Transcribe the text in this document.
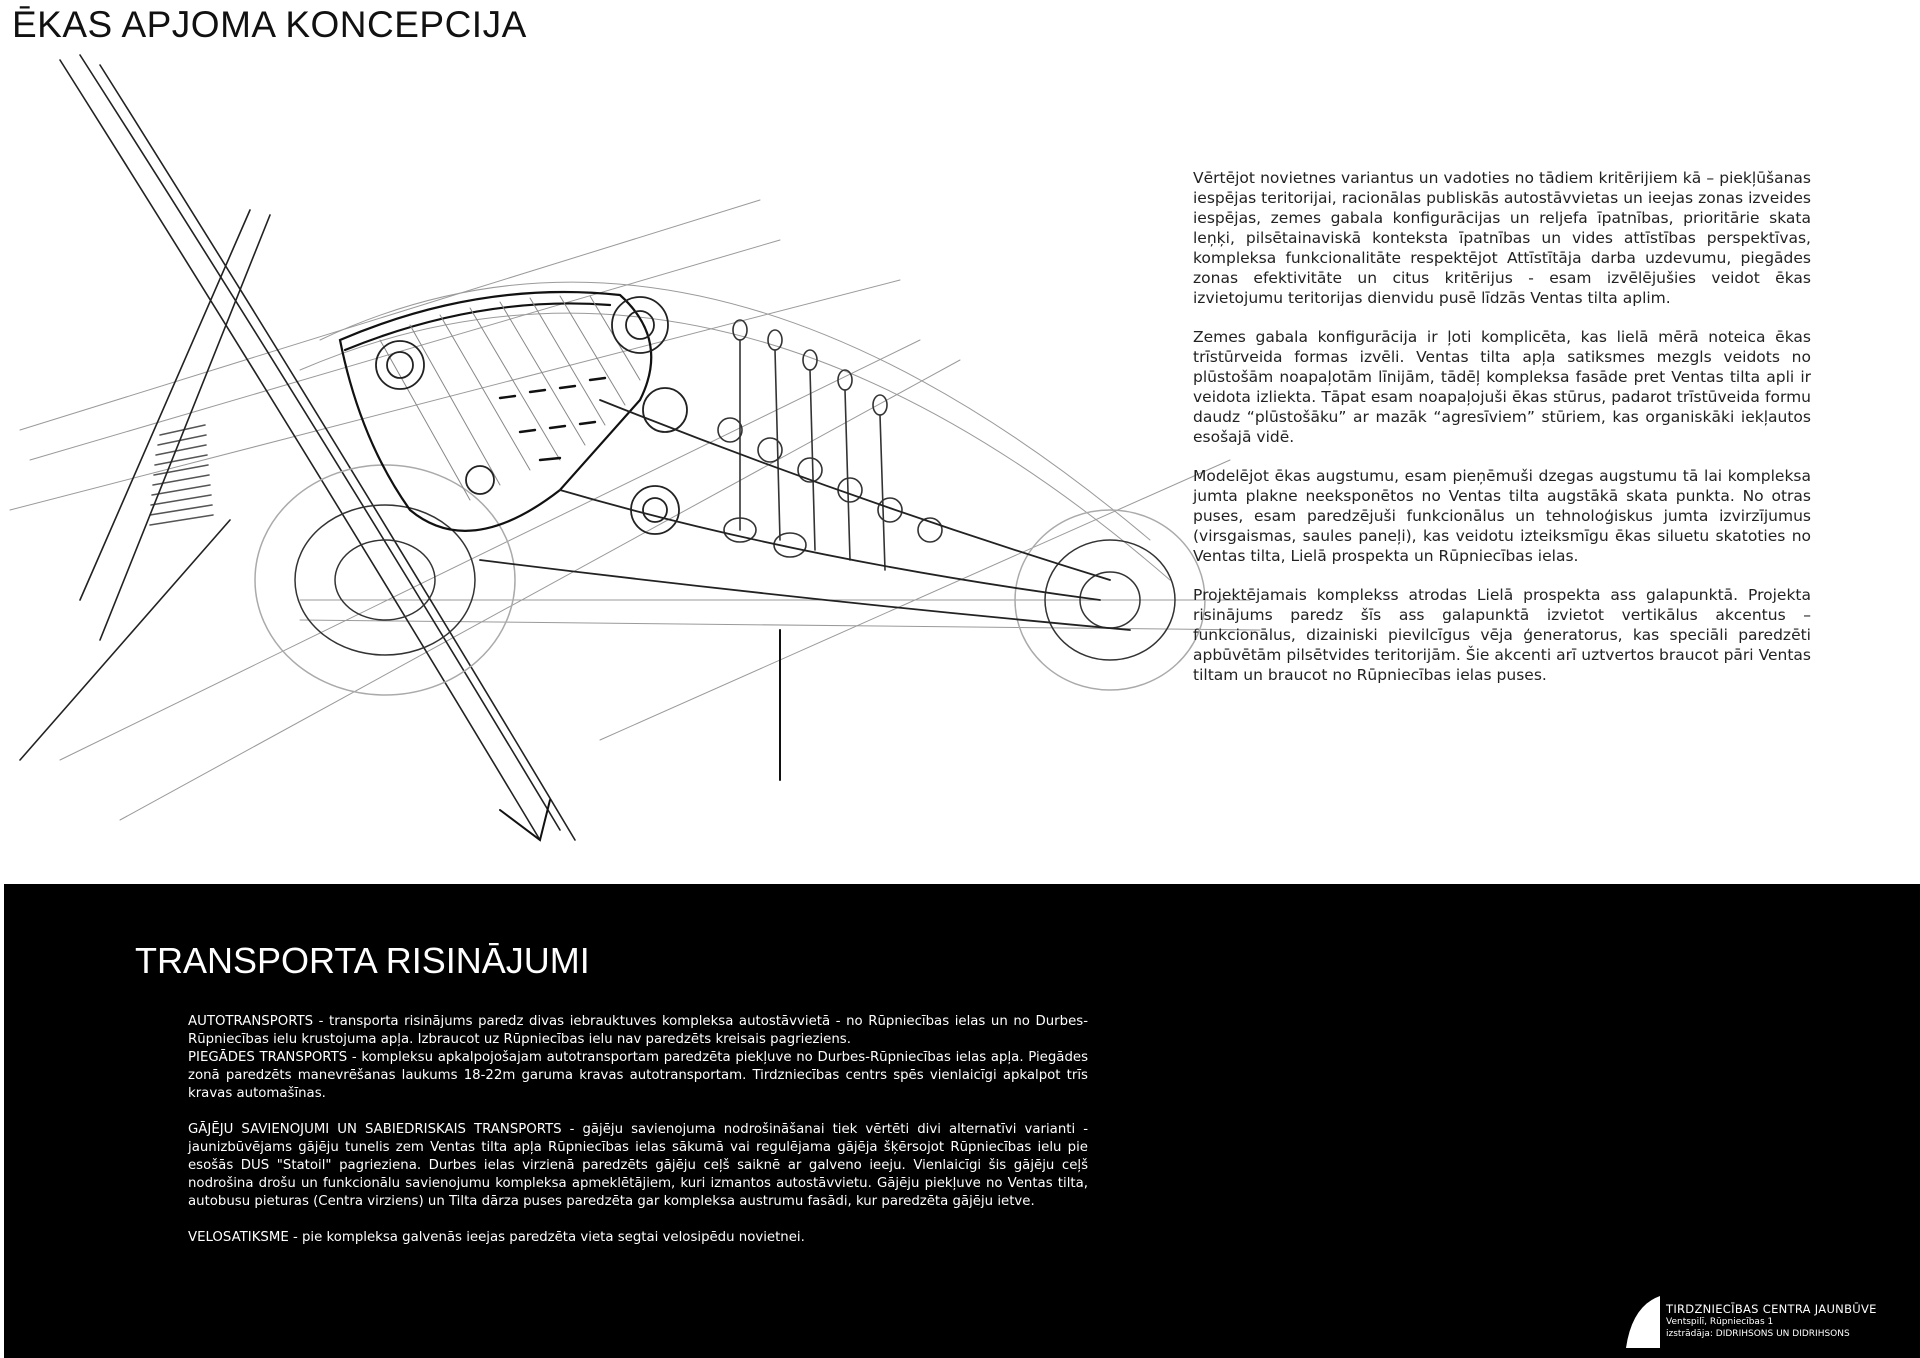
ĒKAS APJOMA KONCEPCIJA

Vērtējot novietnes variantus un vadoties no tādiem kritērijiem kā – piekļūšanas iespējas teritorijai, racionālas publiskās autostāvvietas un ieejas zonas izveides iespējas, zemes gabala konfigurācijas un reljefa īpatnības, prioritārie skata leņķi, pilsētainaviskā konteksta īpatnības un vides attīstības perspektīvas, kompleksa funkcionalitāte respektējot Attīstītāja darba uzdevumu, piegādes zonas efektivitāte un citus kritērijus - esam izvēlējušies veidot ēkas izvietojumu teritorijas dienvidu pusē līdzās Ventas tilta aplim.

Zemes gabala konfigurācija ir ļoti komplicēta, kas lielā mērā noteica ēkas trīstūrveida formas izvēli. Ventas tilta apļa satiksmes mezgls veidots no plūstošām noapaļotām līnijām, tādēļ kompleksa fasāde pret Ventas tilta apli ir veidota izliekta. Tāpat esam noapaļojuši ēkas stūrus, padarot trīstūveida formu daudz “plūstošāku” ar mazāk “agresīviem” stūriem, kas organiskāki iekļautos esošajā vidē.

Modelējot ēkas augstumu, esam pieņēmuši dzegas augstumu tā lai kompleksa jumta plakne neeksponētos no Ventas tilta augstākā skata punkta. No otras puses, esam paredzējuši funkcionālus un tehnoloģiskus jumta izvirzījumus (virsgaismas, saules paneļi), kas veidotu izteiksmīgu ēkas siluetu skatoties no Ventas tilta, Lielā prospekta un Rūpniecības ielas.

Projektējamais komplekss atrodas Lielā prospekta ass galapunktā. Projekta risinājums paredz šīs ass galapunktā izvietot vertikālus akcentus – funkcionālus, dizainiski pievilcīgus vēja ģeneratorus, kas speciāli paredzēti apbūvētām pilsētvides teritorijām. Šie akcenti arī uztvertos braucot pāri Ventas tiltam un braucot no Rūpniecības ielas puses.

TRANSPORTA RISINĀJUMI

AUTOTRANSPORTS - transporta risinājums paredz divas iebrauktuves kompleksa autostāvvietā - no Rūpniecības ielas un no Durbes-Rūpniecības ielu krustojuma apļa. Izbraucot uz Rūpniecības ielu nav paredzēts kreisais pagrieziens.

PIEGĀDES TRANSPORTS - kompleksu apkalpojošajam autotransportam paredzēta piekļuve no Durbes-Rūpniecības ielas apļa. Piegādes zonā paredzēts manevrēšanas laukums 18-22m garuma kravas autotransportam. Tirdzniecības centrs spēs vienlaicīgi apkalpot trīs kravas automašīnas.

GĀJĒJU SAVIENOJUMI UN SABIEDRISKAIS TRANSPORTS - gājēju savienojuma nodrošināšanai tiek vērtēti divi alternatīvi varianti - jaunizbūvējams gājēju tunelis zem Ventas tilta apļa Rūpniecības ielas sākumā vai regulējama gājēja šķērsojot Rūpniecības ielu pie esošās DUS "Statoil" pagrieziena. Durbes ielas virzienā paredzēts gājēju ceļš saiknē ar galveno ieeju. Vienlaicīgi šis gājēju ceļš nodrošina drošu un funkcionālu savienojumu kompleksa apmeklētājiem, kuri izmantos autostāvvietu. Gājēju piekļuve no Ventas tilta, autobusu pieturas (Centra virziens) un Tilta dārza puses paredzēta gar kompleksa austrumu fasādi, kur paredzēta gājēju ietve.

VELOSATIKSME - pie kompleksa galvenās ieejas paredzēta vieta segtai velosipēdu novietnei.

TIRDZNIECĪBAS CENTRA JAUNBŪVE
Ventspilī, Rūpniecības 1
izstrādāja: DIDRIHSONS UN DIDRIHSONS
